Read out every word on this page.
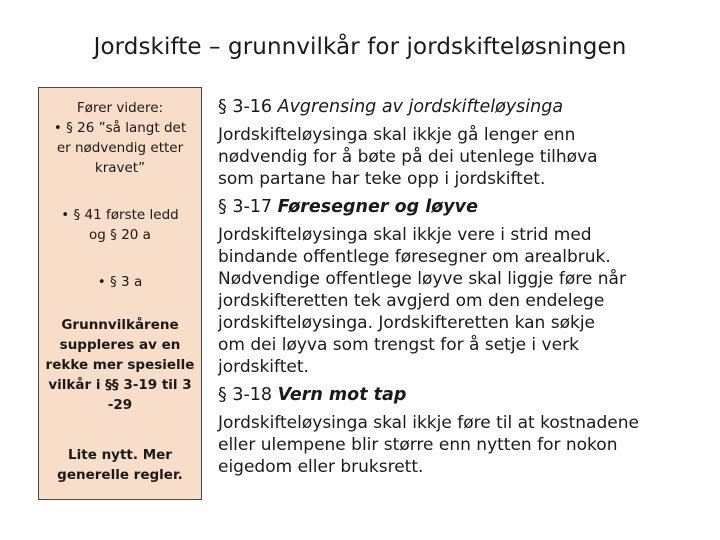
Jordskifte – grunnvilkår for jordskifteløsningen
Fører videre:
• § 26 ”så langt det
er nødvendig etter
kravet”
• § 41 første ledd
og § 20 a
• § 3 a
Grunnvilkårene
suppleres av en
rekke mer spesielle
vilkår i §§ 3-19 til 3
-29
Lite nytt. Mer
generelle regler.
§ 3-16 Avgrensing av jordskifteløysinga
Jordskifteløysinga skal ikkje gå lenger enn
nødvendig for å bøte på dei utenlege tilhøva
som partane har teke opp i jordskiftet.
§ 3-17 Føresegner og løyve
Jordskifteløysinga skal ikkje vere i strid med
bindande offentlege føresegner om arealbruk.
Nødvendige offentlege løyve skal liggje føre når
jordskifteretten tek avgjerd om den endelege
jordskifteløysinga. Jordskifteretten kan søkje
om dei løyva som trengst for å setje i verk
jordskiftet.
§ 3-18 Vern mot tap
Jordskifteløysinga skal ikkje føre til at kostnadene
eller ulempene blir større enn nytten for nokon
eigedom eller bruksrett.
